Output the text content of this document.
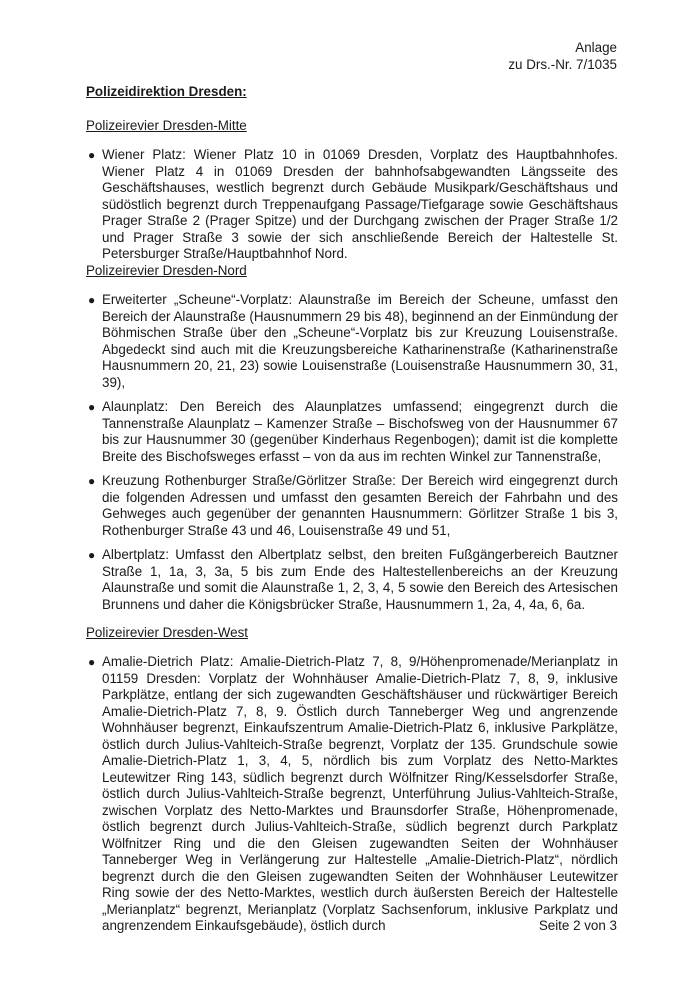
Anlage
zu Drs.-Nr. 7/1035
Polizeidirektion Dresden:
Polizeirevier Dresden-Mitte
● Wiener Platz: Wiener Platz 10 in 01069 Dresden, Vorplatz des Hauptbahnhofes. Wiener Platz 4 in 01069 Dresden der bahnhofsabgewandten Längsseite des Geschäftshauses, westlich begrenzt durch Gebäude Musikpark/Geschäftshaus und südöstlich begrenzt durch Treppenaufgang Passage/Tiefgarage sowie Geschäftshaus Prager Straße 2 (Prager Spitze) und der Durchgang zwischen der Prager Straße 1/2 und Prager Straße 3 sowie der sich anschließende Bereich der Haltestelle St. Petersburger Straße/Hauptbahnhof Nord.
Polizeirevier Dresden-Nord
● Erweiterter „Scheune“-Vorplatz: Alaunstraße im Bereich der Scheune, umfasst den Bereich der Alaunstraße (Hausnummern 29 bis 48), beginnend an der Einmündung der Böhmischen Straße über den „Scheune“-Vorplatz bis zur Kreuzung Louisenstraße. Abgedeckt sind auch mit die Kreuzungsbereiche Katharinenstraße (Katharinenstraße Hausnummern 20, 21, 23) sowie Louisenstraße (Louisenstraße Hausnummern 30, 31, 39),
● Alaunplatz: Den Bereich des Alaunplatzes umfassend; eingegrenzt durch die Tannenstraße Alaunplatz – Kamenzer Straße – Bischofsweg von der Hausnummer 67 bis zur Hausnummer 30 (gegenüber Kinderhaus Regenbogen); damit ist die komplette Breite des Bischofsweges erfasst – von da aus im rechten Winkel zur Tannenstraße,
● Kreuzung Rothenburger Straße/Görlitzer Straße: Der Bereich wird eingegrenzt durch die folgenden Adressen und umfasst den gesamten Bereich der Fahrbahn und des Gehweges auch gegenüber der genannten Hausnummern: Görlitzer Straße 1 bis 3, Rothenburger Straße 43 und 46, Louisenstraße 49 und 51,
● Albertplatz: Umfasst den Albertplatz selbst, den breiten Fußgängerbereich Bautzner Straße 1, 1a, 3, 3a, 5 bis zum Ende des Haltestellenbereichs an der Kreuzung Alaunstraße und somit die Alaunstraße 1, 2, 3, 4, 5 sowie den Bereich des Artesischen Brunnens und daher die Königsbrücker Straße, Hausnummern 1, 2a, 4, 4a, 6, 6a.
Polizeirevier Dresden-West
● Amalie-Dietrich Platz: Amalie-Dietrich-Platz 7, 8, 9/Höhenpromenade/Merianplatz in 01159 Dresden: Vorplatz der Wohnhäuser Amalie-Dietrich-Platz 7, 8, 9, inklusive Parkplätze, entlang der sich zugewandten Geschäftshäuser und rückwärtiger Bereich Amalie-Dietrich-Platz 7, 8, 9. Östlich durch Tanneberger Weg und angrenzende Wohnhäuser begrenzt, Einkaufszentrum Amalie-Dietrich-Platz 6, inklusive Parkplätze, östlich durch Julius-Vahlteich-Straße begrenzt, Vorplatz der 135. Grundschule sowie Amalie-Dietrich-Platz 1, 3, 4, 5, nördlich bis zum Vorplatz des Netto-Marktes Leutewitzer Ring 143, südlich begrenzt durch Wölfnitzer Ring/Kesselsdorfer Straße, östlich durch Julius-Vahlteich-Straße begrenzt, Unterführung Julius-Vahlteich-Straße, zwischen Vorplatz des Netto-Marktes und Braunsdorfer Straße, Höhenpromenade, östlich begrenzt durch Julius-Vahlteich-Straße, südlich begrenzt durch Parkplatz Wölfnitzer Ring und die den Gleisen zugewandten Seiten der Wohnhäuser Tanneberger Weg in Verlängerung zur Haltestelle „Amalie-Dietrich-Platz“, nördlich begrenzt durch die den Gleisen zugewandten Seiten der Wohnhäuser Leutewitzer Ring sowie der des Netto-Marktes, westlich durch äußersten Bereich der Haltestelle „Merianplatz“ begrenzt, Merianplatz (Vorplatz Sachsenforum, inklusive Parkplatz und angrenzendem Einkaufsgebäude), östlich durch	Seite 2 von 3
